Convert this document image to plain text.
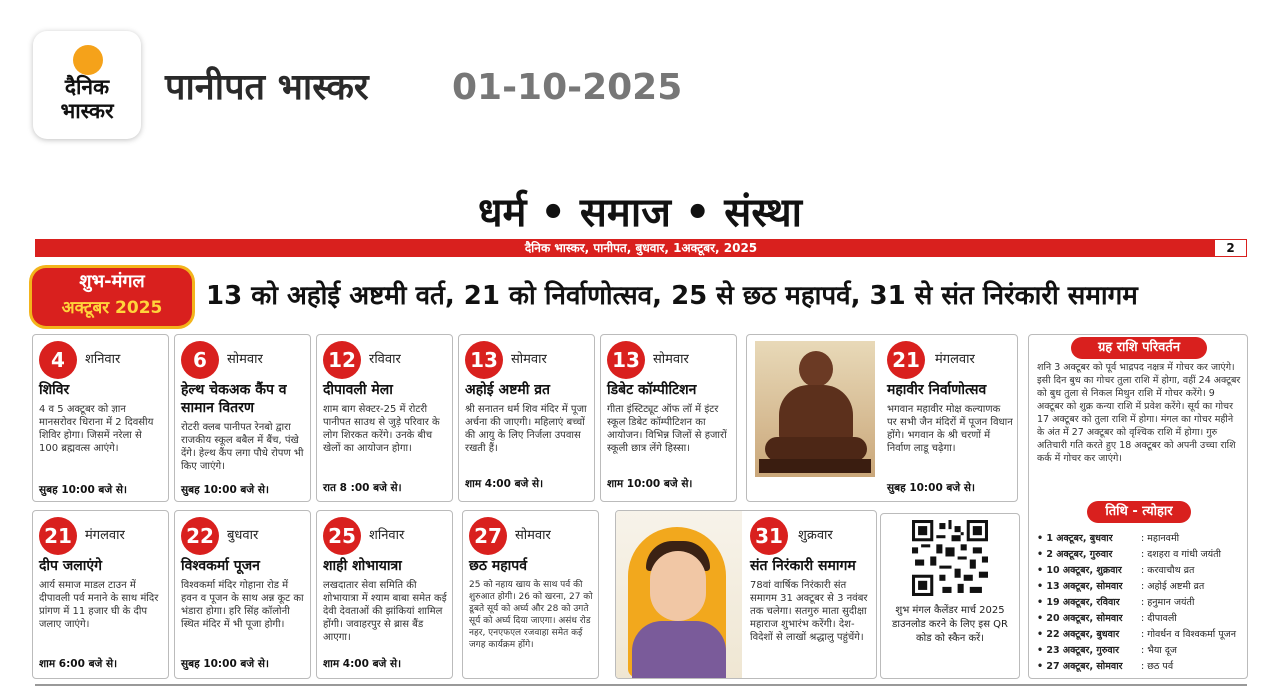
दैनिक
भास्कर
पानीपत भास्कर 01-10-2025
धर्म • समाज • संस्था
दैनिक भास्कर, पानीपत, बुधवार, 1अक्टूबर, 2025	2
शुभ-मंगल
अक्टूबर 2025	13 को अहोई अष्टमी वर्त, 21 को निर्वाणोत्सव, 25 से छठ महापर्व, 31 से संत निरंकारी समागम
4	शनिवार
शिविर
4 व 5 अक्टूबर को ज्ञान मानसरोवर धिराना में 2 दिवसीय शिविर होगा। जिसमें नरेला से 100 ब्रह्मवत्स आएंगे।
सुबह 10:00 बजे से।
6	सोमवार
हेल्थ चेकअक कैंप व सामान वितरण
रोटरी क्लब पानीपत रेनबो द्वारा राजकीय स्कूल बबैल में बैंच, पंखे देंगे। हेल्थ कैंप लगा पौधे रोपण भी किए जाएंगे।
सुबह 10:00 बजे से।
12	रविवार
दीपावली मेला
शाम बाग सेक्टर-25 में रोटरी पानीपत साउथ से जुड़े परिवार के लोग शिरकत करेंगे। उनके बीच खेलों का आयोजन होगा।
रात 8 :00 बजे से।
13	सोमवार
अहोई अष्टमी व्रत
श्री सनातन धर्म शिव मंदिर में पूजा अर्चना की जाएगी। महिलाएं बच्चों की आयु के लिए निर्जला उपवास रखती हैं।
शाम 4:00 बजे से।
13	सोमवार
डिबेट कॉम्पीटिशन
गीता इंस्टिट्यूट ऑफ लॉ में इंटर स्कूल डिबेट कॉम्पीटिशन का आयोजन। विभिन्न जिलों से हजारों स्कूली छात्र लेंगे हिस्सा।
शाम 10:00 बजे से।
21	मंगलवार
महावीर निर्वाणोत्सव
भगवान महावीर मोक्ष कल्याणक पर सभी जैन मंदिरों में पूजन विधान होंगे। भगवान के श्री चरणों में निर्वाण लाडू चढ़ेगा।
सुबह 10:00 बजे से।
21	मंगलवार
दीप जलाएंगे
आर्य समाज माडल टाउन में दीपावली पर्व मनाने के साथ मंदिर प्रांगण में 11 हजार घी के दीप जलाए जाएंगे।
शाम 6:00 बजे से।
22	बुधवार
विश्वकर्मा पूजन
विश्वकर्मा मंदिर गोहाना रोड में हवन व पूजन के साथ अन्न कूट का भंडारा होगा। हरि सिंह कॉलोनी स्थित मंदिर में भी पूजा होगी।
सुबह 10:00 बजे से।
25	शनिवार
शाही शोभायात्रा
लखदातार सेवा समिति की शोभायात्रा में श्याम बाबा समेत कई देवी देवताओं की झांकियां शामिल होंगी। जवाहरपुर से ब्रास बैंड आएगा।
शाम 4:00 बजे से।
27	सोमवार
छठ महापर्व
25 को नहाय खाय के साथ पर्व की शुरुआत होगी। 26 को खरना, 27 को डूबते सूर्य को अर्घ्य और 28 को उगते सूर्य को अर्घ्य दिया जाएगा। असंध रोड नहर, एनएफएल रजवाहा समेत कई जगह कार्यक्रम होंगे।
31	शुक्रवार
संत निरंकारी समागम
78वां वार्षिक निरंकारी संत समागम 31 अक्टूबर से 3 नवंबर तक चलेगा। सतगुरु माता सुदीक्षा महाराज शुभारंभ करेंगी। देश-विदेशों से लाखों श्रद्धालु पहुंचेंगे।
शुभ मंगल कैलेंडर मार्च 2025 डाउनलोड करने के लिए इस QR कोड को स्कैन करें।
ग्रह राशि परिवर्तन
शनि 3 अक्टूबर को पूर्व भाद्रपद नक्षत्र में गोचर कर जाएंगे। इसी दिन बुध का गोचर तुला राशि में होगा, वहीं 24 अक्टूबर को बुध तुला से निकल मिथुन राशि में गोचर करेंगे। 9 अक्टूबर को शुक्र कन्या राशि में प्रवेश करेंगे। सूर्य का गोचर 17 अक्टूबर को तुला राशि में होगा। मंगल का गोचर महीने के अंत में 27 अक्टूबर को वृश्चिक राशि में होगा। गुरु अतिचारी गति करते हुए 18 अक्टूबर को अपनी उच्चा राशि कर्क में गोचर कर जाएंगे।
तिथि - त्योहार
• 1 अक्टूबर, बुधवार	: महानवमी
• 2 अक्टूबर, गुरुवार	: दशहरा व गांधी जयंती
• 10 अक्टूबर, शुक्रवार	: करवाचौथ व्रत
• 13 अक्टूबर, सोमवार	: अहोई अष्टमी व्रत
• 19 अक्टूबर, रविवार	: हनुमान जयंती
• 20 अक्टूबर, सोमवार	: दीपावली
• 22 अक्टूबर, बुधवार	: गोवर्धन व विश्वकर्मा पूजन
• 23 अक्टूबर, गुरुवार	: भैया दूज
• 27 अक्टूबर, सोमवार	: छठ पर्व
